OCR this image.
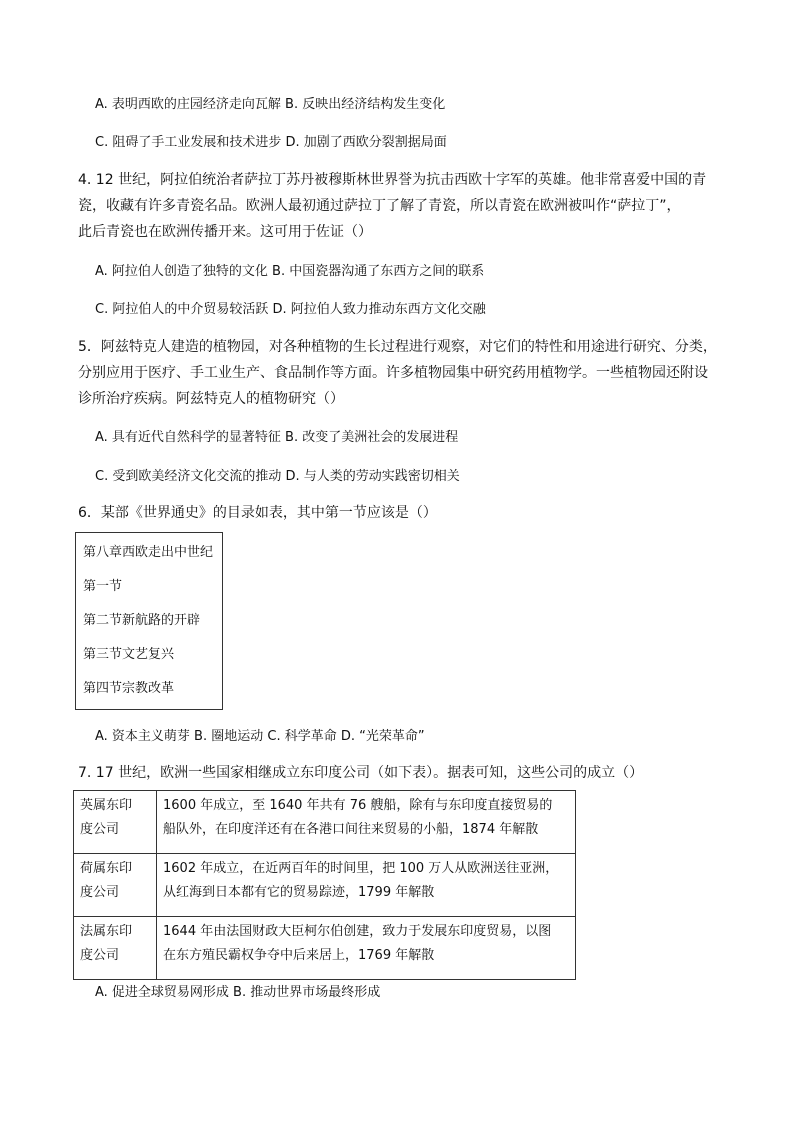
A. 表明西欧的庄园经济走向瓦解 B. 反映出经济结构发生变化
C. 阻碍了手工业发展和技术进步 D. 加剧了西欧分裂割据局面
4. 12 世纪，阿拉伯统治者萨拉丁苏丹被穆斯林世界誉为抗击西欧十字军的英雄。他非常喜爱中国的青
瓷，收藏有许多青瓷名品。欧洲人最初通过萨拉丁了解了青瓷，所以青瓷在欧洲被叫作“萨拉丁”，
此后青瓷也在欧洲传播开来。这可用于佐证（）
A. 阿拉伯人创造了独特的文化 B. 中国瓷器沟通了东西方之间的联系
C. 阿拉伯人的中介贸易较活跃 D. 阿拉伯人致力推动东西方文化交融
5．阿兹特克人建造的植物园，对各种植物的生长过程进行观察，对它们的特性和用途进行研究、分类，
分别应用于医疗、手工业生产、食品制作等方面。许多植物园集中研究药用植物学。一些植物园还附设
诊所治疗疾病。阿兹特克人的植物研究（）
A. 具有近代自然科学的显著特征 B. 改变了美洲社会的发展进程
C. 受到欧美经济文化交流的推动 D. 与人类的劳动实践密切相关
6．某部《世界通史》的目录如表，其中第一节应该是（）
第八章西欧走出中世纪
第一节
第二节新航路的开辟
第三节文艺复兴
第四节宗教改革
A. 资本主义萌芽 B. 圈地运动 C. 科学革命 D. “光荣革命”
7. 17 世纪，欧洲一些国家相继成立东印度公司（如下表）。据表可知，这些公司的成立（）
英属东印
度公司	1600 年成立，至 1640 年共有 76 艘船，除有与东印度直接贸易的
船队外，在印度洋还有在各港口间往来贸易的小船，1874 年解散
荷属东印
度公司	1602 年成立，在近两百年的时间里，把 100 万人从欧洲送往亚洲，
从红海到日本都有它的贸易踪迹，1799 年解散
法属东印
度公司	1644 年由法国财政大臣柯尔伯创建，致力于发展东印度贸易，以图
在东方殖民霸权争夺中后来居上，1769 年解散
A. 促进全球贸易网形成 B. 推动世界市场最终形成
